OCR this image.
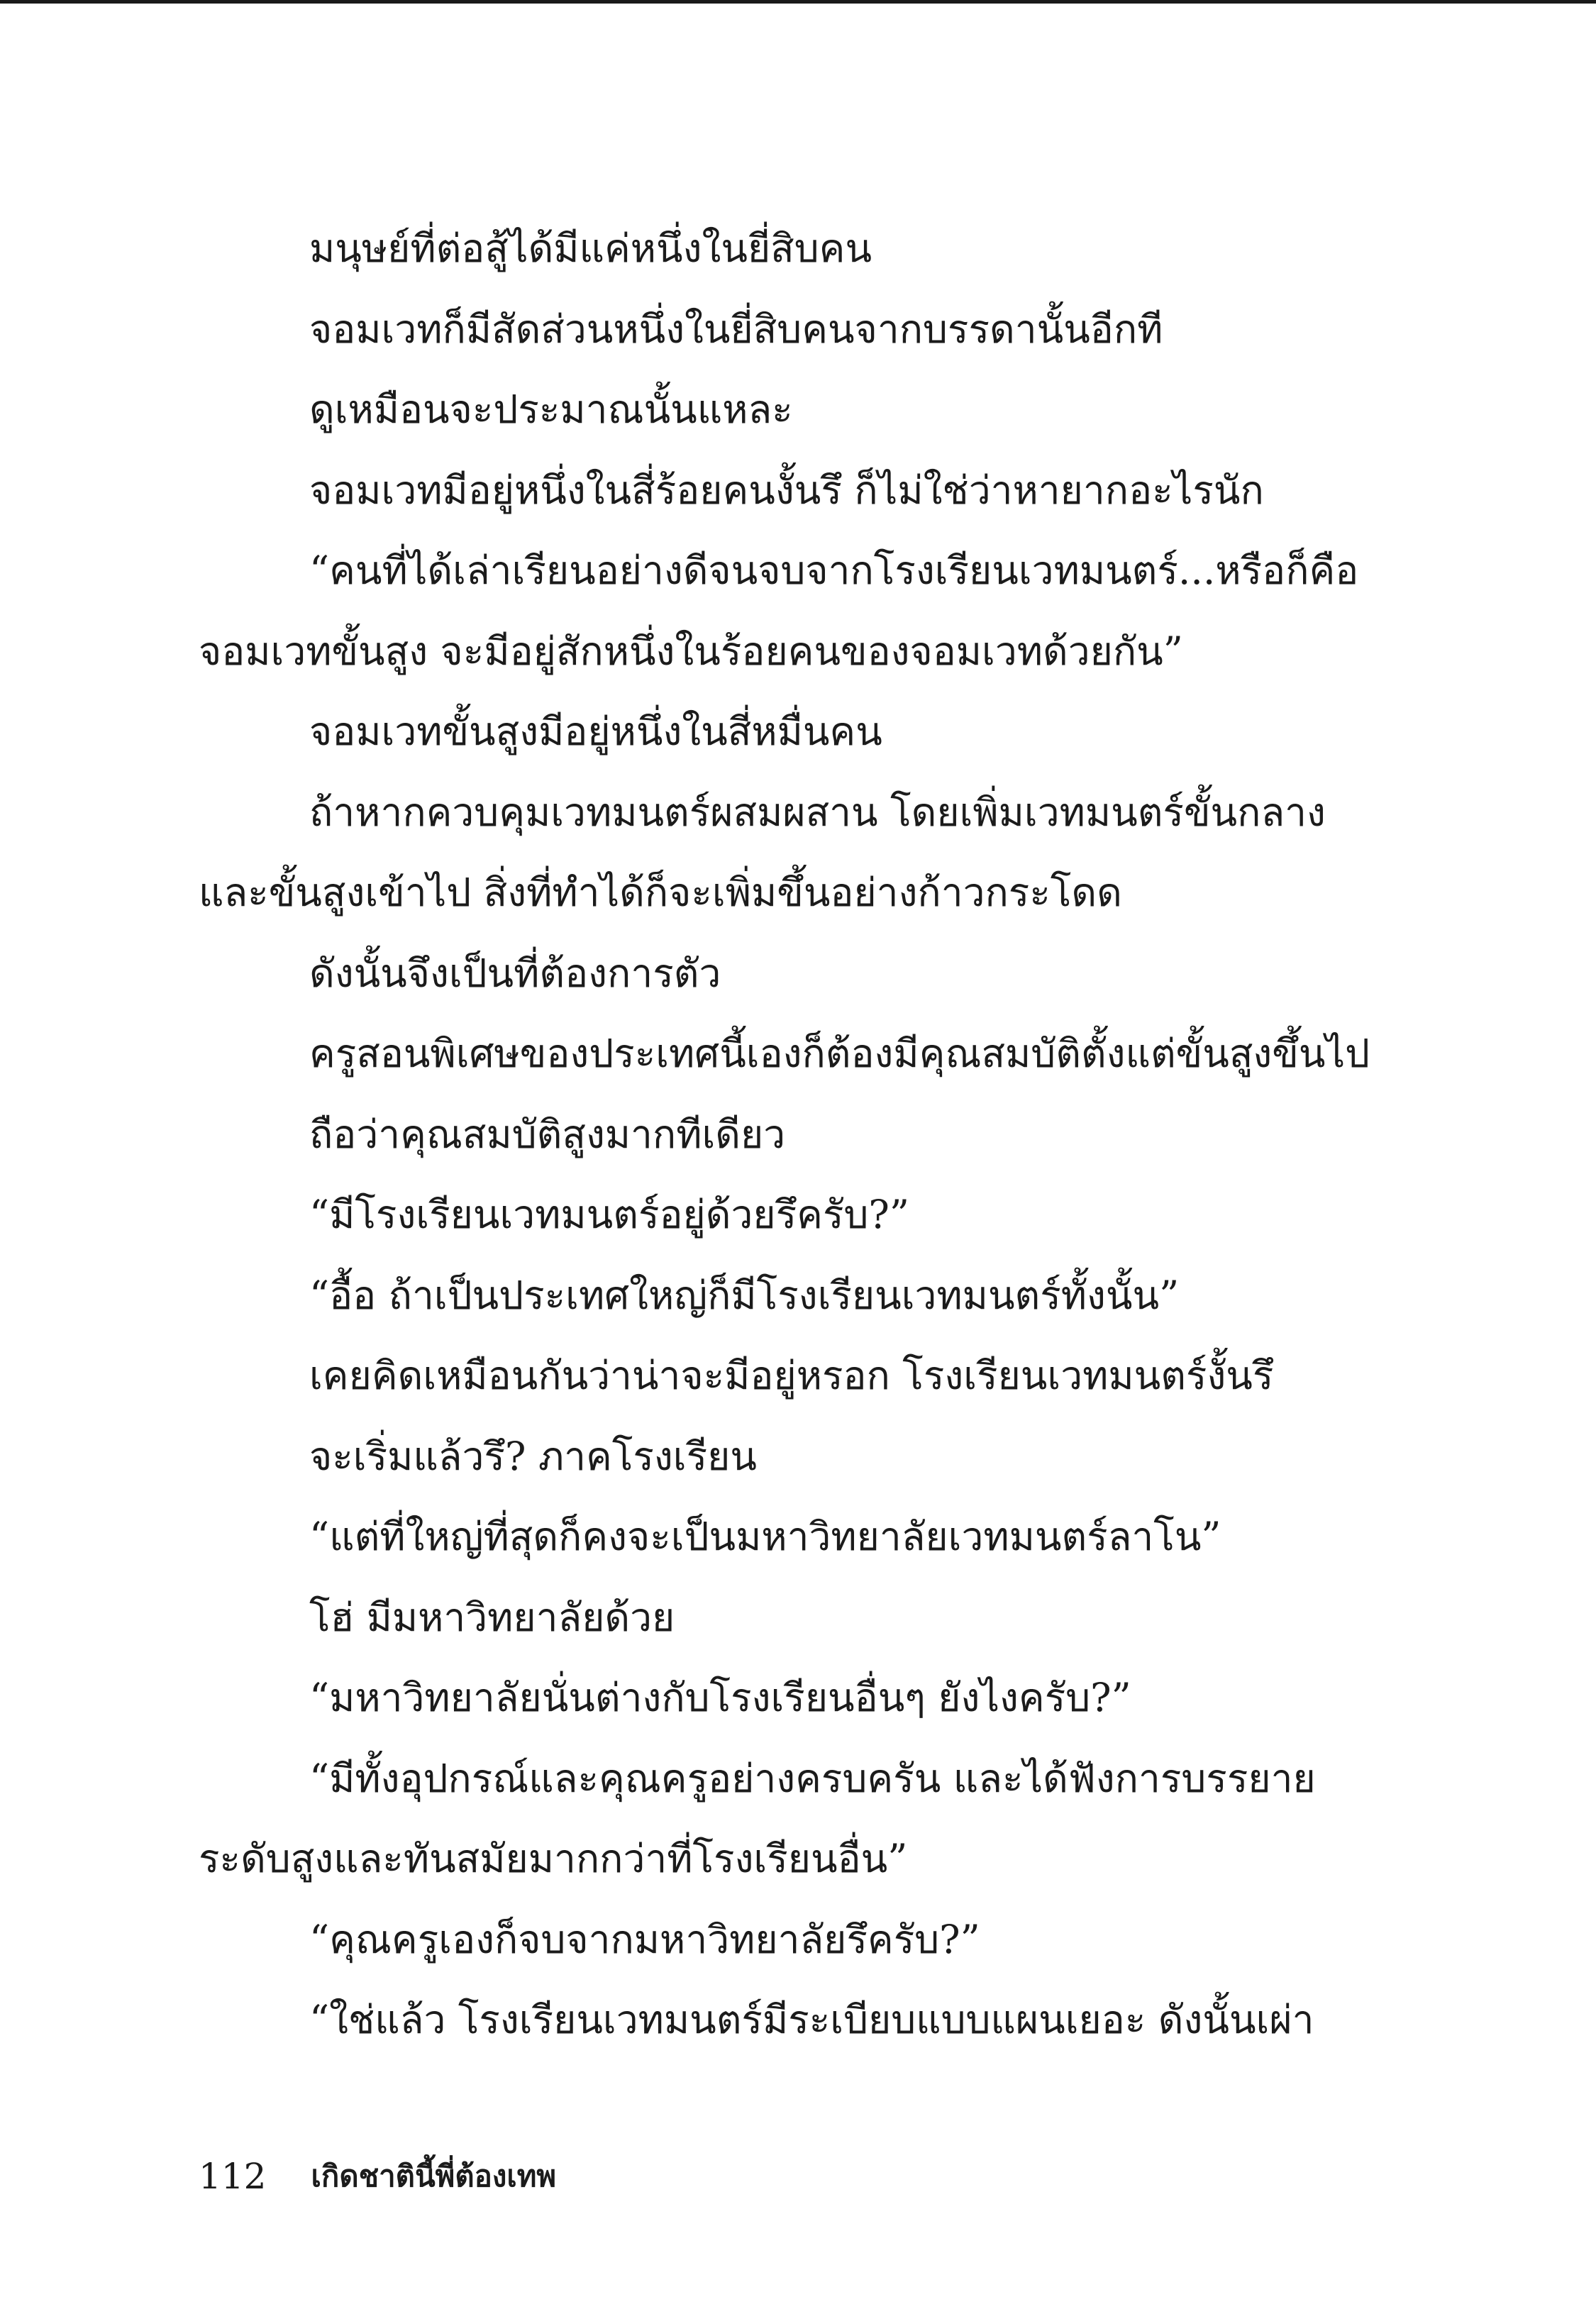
มนุษย์ที่ต่อสู้ได้มีแค่หนึ่งในยี่สิบคน
จอมเวทก็มีสัดส่วนหนึ่งในยี่สิบคนจากบรรดานั้นอีกที
ดูเหมือนจะประมาณนั้นแหละ
จอมเวทมีอยู่หนึ่งในสี่ร้อยคนงั้นรึ ก็ไม่ใช่ว่าหายากอะไรนัก
“คนที่ได้เล่าเรียนอย่างดีจนจบจากโรงเรียนเวทมนตร์...หรือก็คือ
จอมเวทขั้นสูง จะมีอยู่สักหนึ่งในร้อยคนของจอมเวทด้วยกัน”
จอมเวทขั้นสูงมีอยู่หนึ่งในสี่หมื่นคน
ถ้าหากควบคุมเวทมนตร์ผสมผสาน โดยเพิ่มเวทมนตร์ขั้นกลาง
และขั้นสูงเข้าไป สิ่งที่ทำได้ก็จะเพิ่มขึ้นอย่างก้าวกระโดด
ดังนั้นจึงเป็นที่ต้องการตัว
ครูสอนพิเศษของประเทศนี้เองก็ต้องมีคุณสมบัติตั้งแต่ขั้นสูงขึ้นไป
ถือว่าคุณสมบัติสูงมากทีเดียว
“มีโรงเรียนเวทมนตร์อยู่ด้วยรึครับ?”
“อื้อ ถ้าเป็นประเทศใหญ่ก็มีโรงเรียนเวทมนตร์ทั้งนั้น”
เคยคิดเหมือนกันว่าน่าจะมีอยู่หรอก โรงเรียนเวทมนตร์งั้นรึ
จะเริ่มแล้วรึ? ภาคโรงเรียน
“แต่ที่ใหญ่ที่สุดก็คงจะเป็นมหาวิทยาลัยเวทมนตร์ลาโน”
โฮ่ มีมหาวิทยาลัยด้วย
“มหาวิทยาลัยนั่นต่างกับโรงเรียนอื่นๆ ยังไงครับ?”
“มีทั้งอุปกรณ์และคุณครูอย่างครบครัน และได้ฟังการบรรยาย
ระดับสูงและทันสมัยมากกว่าที่โรงเรียนอื่น”
“คุณครูเองก็จบจากมหาวิทยาลัยรึครับ?”
“ใช่แล้ว โรงเรียนเวทมนตร์มีระเบียบแบบแผนเยอะ ดังนั้นเผ่า
112 เกิดชาตินี้พี่ต้องเทพ
